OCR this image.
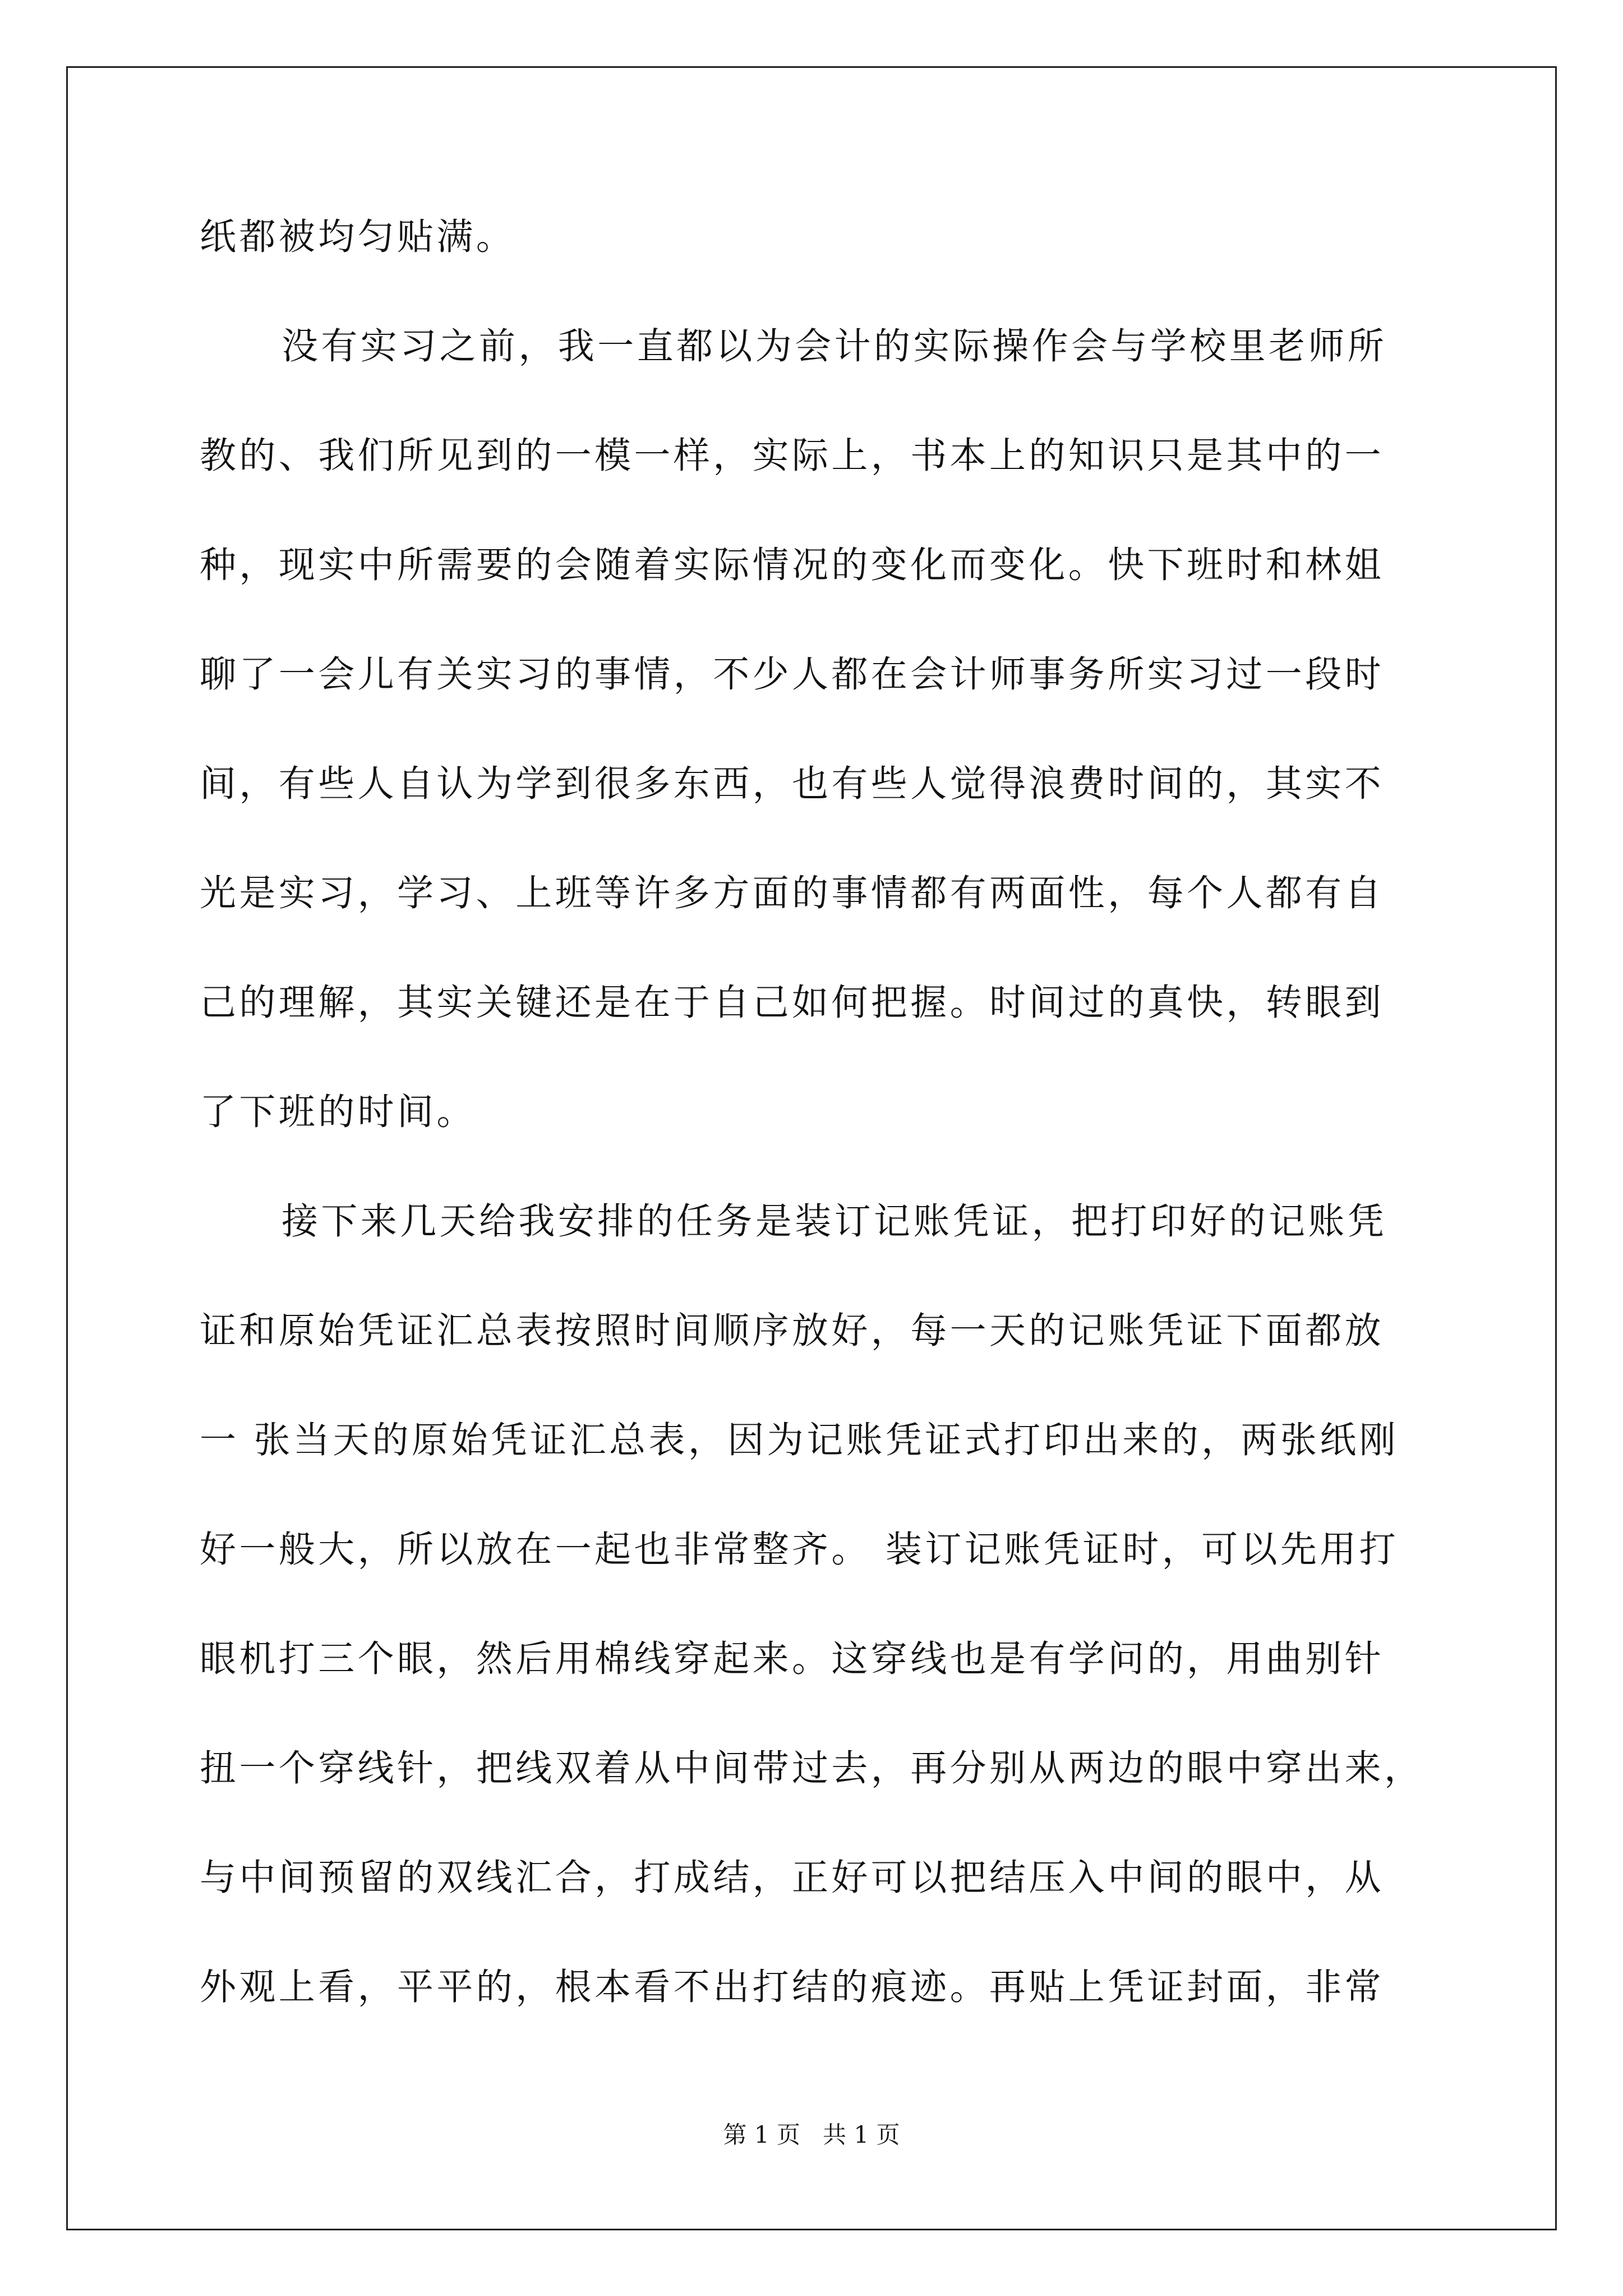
纸都被均匀贴满。
没有实习之前，我一直都以为会计的实际操作会与学校里老师所
教的、我们所见到的一模一样，实际上，书本上的知识只是其中的一
种，现实中所需要的会随着实际情况的变化而变化。快下班时和林姐
聊了一会儿有关实习的事情，不少人都在会计师事务所实习过一段时
间，有些人自认为学到很多东西，也有些人觉得浪费时间的，其实不
光是实习，学习、上班等许多方面的事情都有两面性，每个人都有自
己的理解，其实关键还是在于自己如何把握。时间过的真快，转眼到
了下班的时间。
接下来几天给我安排的任务是装订记账凭证，把打印好的记账凭
证和原始凭证汇总表按照时间顺序放好，每一天的记账凭证下面都放
一 张当天的原始凭证汇总表，因为记账凭证式打印出来的，两张纸刚
好一般大，所以放在一起也非常整齐。 装订记账凭证时，可以先用打
眼机打三个眼，然后用棉线穿起来。这穿线也是有学问的，用曲别针
扭一个穿线针，把线双着从中间带过去，再分别从两边的眼中穿出来，
与中间预留的双线汇合，打成结，正好可以把结压入中间的眼中，从
外观上看，平平的，根本看不出打结的痕迹。再贴上凭证封面，非常
第 1 页   共 1 页
